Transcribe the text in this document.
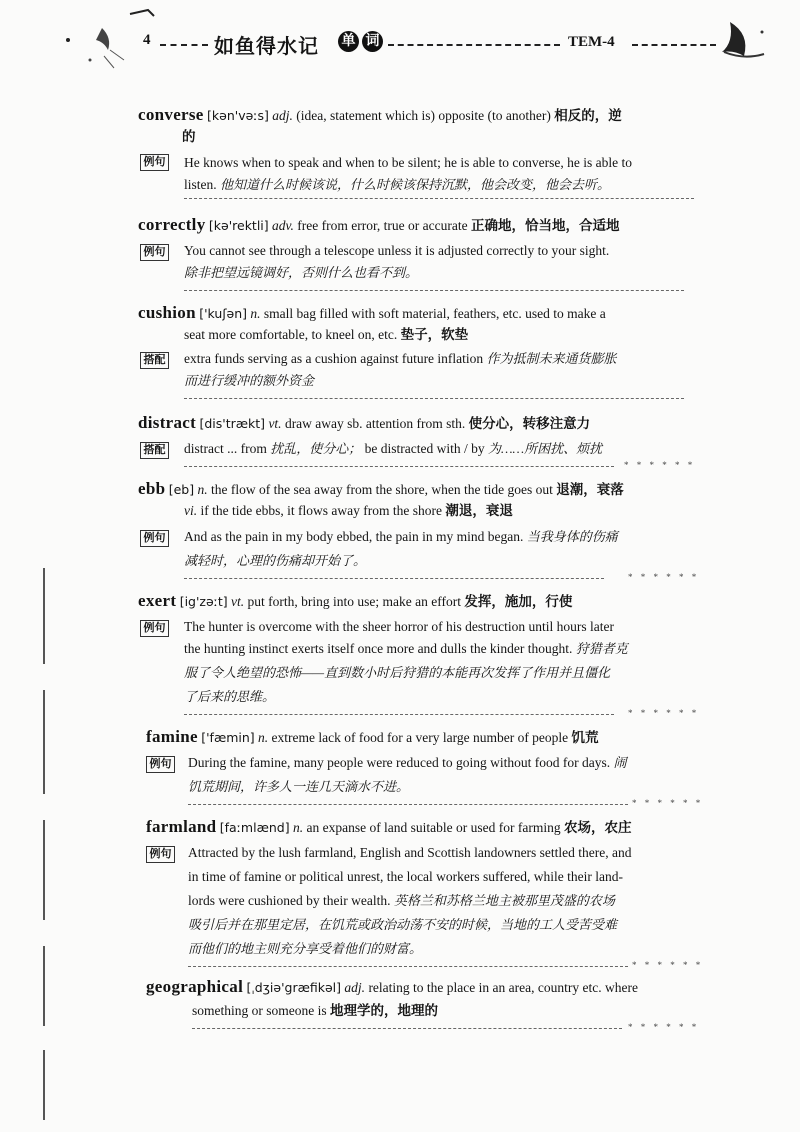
4	如鱼得水记 单 词	TEM-4
converse [kən'vəːs] adj. (idea, statement which is) opposite (to another) 相反的，逆
的
例句 He knows when to speak and when to be silent; he is able to converse, he is able to
listen. 他知道什么时候该说，什么时候该保持沉默，他会改变，他会去听。
correctly [kə'rektli] adv. free from error, true or accurate 正确地，恰当地，合适地
例句 You cannot see through a telescope unless it is adjusted correctly to your sight.
除非把望远镜调好，否则什么也看不到。
cushion ['kuʃən] n. small bag filled with soft material, feathers, etc. used to make a
seat more comfortable, to kneel on, etc. 垫子，软垫
搭配 extra funds serving as a cushion against future inflation 作为抵制未来通货膨胀
而进行缓冲的额外资金
distract [dis'trækt] vt. draw away sb. attention from sth. 使分心，转移注意力
搭配 distract ... from 扰乱，使分心； be distracted with / by 为……所困扰、烦扰
* * * * * *
ebb [eb] n. the flow of the sea away from the shore, when the tide goes out 退潮，衰落
vi. if the tide ebbs, it flows away from the shore 潮退，衰退
例句 And as the pain in my body ebbed, the pain in my mind began. 当我身体的伤痛
减轻时，心理的伤痛却开始了。
* * * * * *
exert [ig'zəːt] vt. put forth, bring into use; make an effort 发挥，施加，行使
例句 The hunter is overcome with the sheer horror of his destruction until hours later
the hunting instinct exerts itself once more and dulls the kinder thought. 狩猎者克
服了令人绝望的恐怖——直到数小时后狩猎的本能再次发挥了作用并且僵化
了后来的思维。
* * * * * *
famine ['fæmin] n. extreme lack of food for a very large number of people 饥荒
例句 During the famine, many people were reduced to going without food for days. 闹
饥荒期间，许多人一连几天滴水不进。
* * * * * *
farmland [faːmlænd] n. an expanse of land suitable or used for farming 农场，农庄
例句 Attracted by the lush farmland, English and Scottish landowners settled there, and
in time of famine or political unrest, the local workers suffered, while their land-
lords were cushioned by their wealth. 英格兰和苏格兰地主被那里茂盛的农场
吸引后并在那里定居，在饥荒或政治动荡不安的时候，当地的工人受苦受难
而他们的地主则充分享受着他们的财富。
* * * * * *
geographical [ˌdʒiə'græfikəl] adj. relating to the place in an area, country etc. where
something or someone is 地理学的，地理的
* * * * * *
